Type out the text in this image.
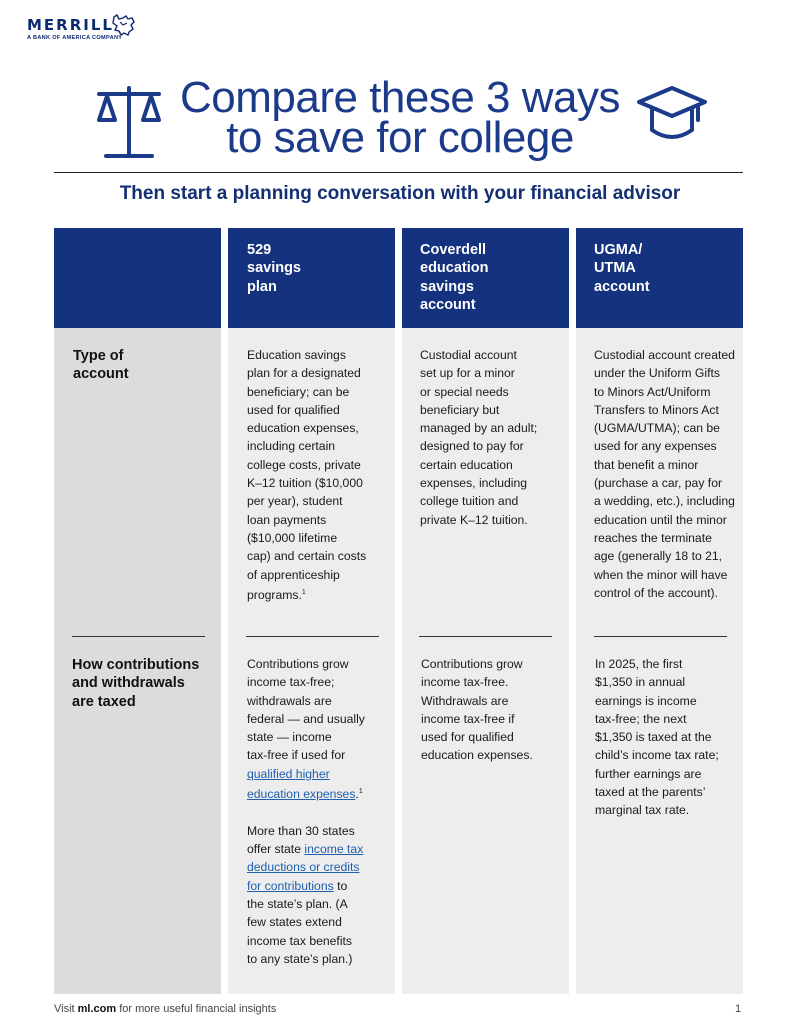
MERRILL
A BANK OF AMERICA COMPANY
Compare these 3 ways
to save for college
Then start a planning conversation with your financial advisor
529
savings
plan
Coverdell
education
savings
account
UGMA/
UTMA
account
Type of
account

Education savings

plan for a designated

beneficiary; can be

used for qualified

education expenses,

including certain

college costs, private

K–12 tuition ($10,000

per year), student

loan payments

($10,000 lifetime

cap) and certain costs

of apprenticeship

programs.$^1$

Custodial account

set up for a minor

or special needs

beneficiary but

managed by an adult;

designed to pay for

certain education

expenses, including

college tuition and

private K–12 tuition.

Custodial account created

under the Uniform Gifts

to Minors Act/Uniform

Transfers to Minors Act

(UGMA/UTMA); can be

used for any expenses

that benefit a minor

(purchase a car, pay for

a wedding, etc.), including

education until the minor

reaches the terminate

age (generally 18 to 21,

when the minor will have

control of the account).

How contributions
and withdrawals
are taxed

Contributions grow

income tax-free;

withdrawals are

federal — and usually

state — income

tax-free if used for

qualified higher

education expenses.$^1$

More than 30 states

offer state income tax

deductions or credits

for contributions to

the state’s plan. (A

few states extend

income tax benefits

to any state’s plan.)

Contributions grow

income tax-free.

Withdrawals are

income tax-free if

used for qualified

education expenses.

In 2025, the first

$1,350 in annual

earnings is income

tax-free; the next

$1,350 is taxed at the

child’s income tax rate;

further earnings are

taxed at the parents’

marginal tax rate.

Visit ml.com for more useful financial insights	1
